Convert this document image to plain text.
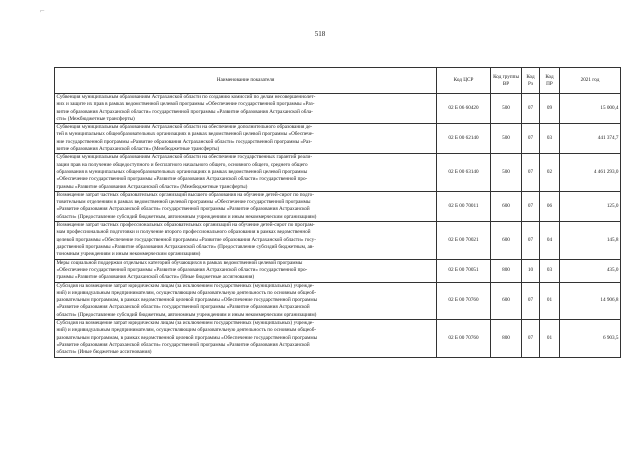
⌐
518
Наименование показателя	Код ЦСР	Код группы ВР	Код Рз	Код ПР	2021 год

Субвенция муниципальным образованиям Астраханской области по созданию комиссий по делам несовершеннолет-
них и защите их прав в рамках ведомственной целевой программы «Обеспечение государственной программы «Раз-
витие образования Астраханской области» государственной программы «Развитие образования Астраханской обла-
сти» (Межбюджетные трансферты)	02 Б 06 60420	500	07	09	15 000,4

Субвенция муниципальным образованиям Астраханской области на обеспечение дополнительного образования де-
тей в муниципальных общеобразовательных организациях в рамках ведомственной целевой программы «Обеспече-
ние государственной программы «Развитие образования Астраханской области» государственной программы «Раз-
витие образования Астраханской области» (Межбюджетные трансферты)	02 Б 00 62140	500	07	03	441 374,7

Субвенция муниципальным образованиям Астраханской области на обеспечение государственных гарантий реали-
зации прав на получение общедоступного и бесплатного начального общего, основного общего, среднего общего
образования в муниципальных общеобразовательных организациях в рамках ведомственной целевой программы
«Обеспечение государственной программы «Развитие образования Астраханской области» государственной про-
граммы «Развитие образования Астраханской области» (Межбюджетные трансферты)	02 Б 00 63140	500	07	02	4 461 293,0

Возмещение затрат частных образовательных организаций высшего образования на обучение детей-сирот по подго-
товительным отделениям в рамках ведомственной целевой программы «Обеспечение государственной программы
«Развитие образования Астраханской области» государственной программы «Развитие образования Астраханской
области» (Предоставление субсидий бюджетным, автономным учреждениям и иным некоммерческим организациям)	02 Б 00 70011	600	07	06	125,0

Возмещение затрат частных профессиональных образовательных организаций на обучение детей-сирот по програм-
мам профессиональной подготовки и получение второго профессионального образования в рамках ведомственной
целевой программы «Обеспечение государственной программы «Развитие образования Астраханской области» госу-
дарственной программы «Развитие образования Астраханской области» (Предоставление субсидий бюджетным, ав-
тономным учреждениям и иным некоммерческим организациям)	02 Б 00 70021	600	07	04	145,8

Меры социальной поддержки отдельных категорий обучающихся в рамках ведомственной целевой программы
«Обеспечение государственной программы «Развитие образования Астраханской области» государственной про-
граммы «Развитие образования Астраханской области» (Иные бюджетные ассигнования)	02 Б 00 70051	800	10	03	435,0

Субсидия на возмещение затрат юридическим лицам (за исключением государственных (муниципальных) учрежде-
ний) и индивидуальным предпринимателям, осуществляющим образовательную деятельность по основным общеоб-
разовательным программам, в рамках ведомственной целевой программы «Обеспечение государственной программы
«Развитие образования Астраханской области» государственной программы «Развитие образования Астраханской
области» (Предоставление субсидий бюджетным, автономным учреждениям и иным некоммерческим организациям)	02 Б 00 70760	600	07	01	14 906,8

Субсидия на возмещение затрат юридическим лицам (за исключением государственных (муниципальных) учрежде-
ний) и индивидуальным предпринимателям, осуществляющим образовательную деятельность по основным общеоб-
разовательным программам, в рамках ведомственной целевой программы «Обеспечение государственной программы
«Развитие образования Астраханской области» государственной программы «Развитие образования Астраханской
области» (Иные бюджетные ассигнования)	02 Б 00 70760	800	07	01	6 903,5
